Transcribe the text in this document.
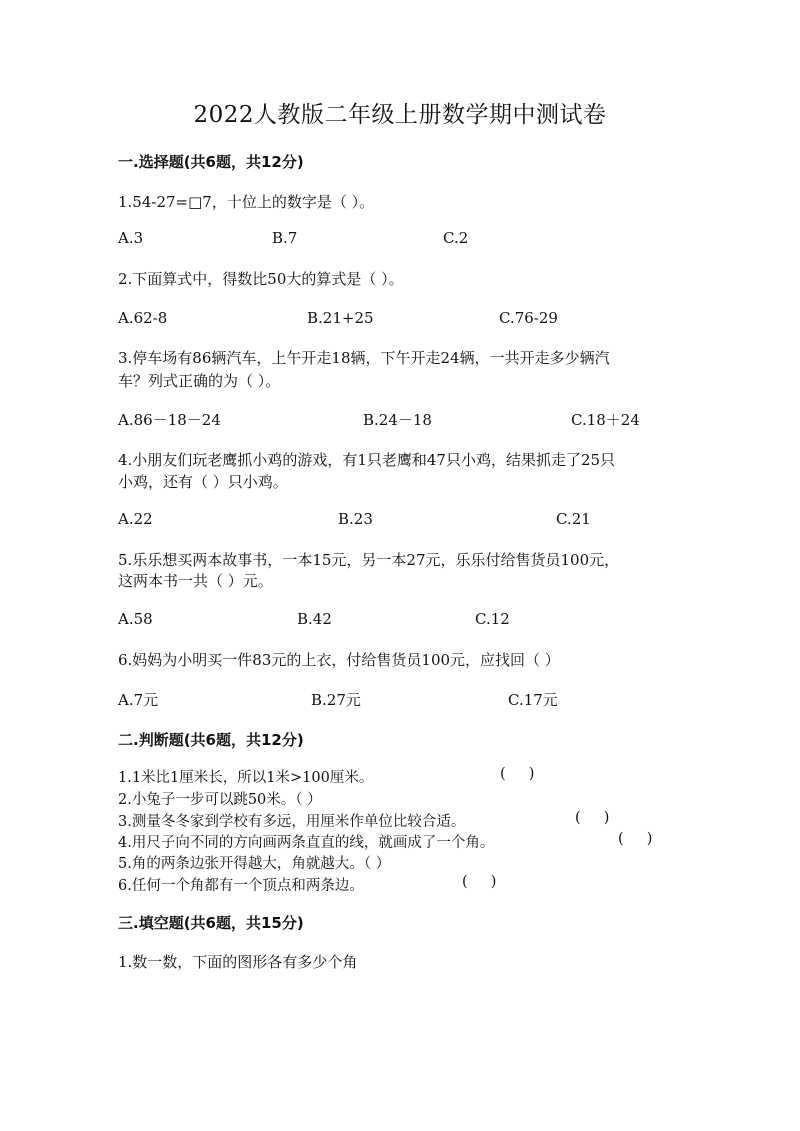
2022人教版二年级上册数学期中测试卷
一.选择题(共6题，共12分)
1.54-27=□7，十位上的数字是（ ）。
A.3	B.7	C.2
2.下面算式中，得数比50大的算式是（ ）。
A.62-8	B.21+25	C.76-29
3.停车场有86辆汽车，上午开走18辆，下午开走24辆，一共开走多少辆汽
车？列式正确的为（ ）。
A.86－18－24	B.24－18	C.18＋24
4.小朋友们玩老鹰抓小鸡的游戏，有1只老鹰和47只小鸡，结果抓走了25只
小鸡，还有（ ）只小鸡。
A.22	B.23	C.21
5.乐乐想买两本故事书，一本15元，另一本27元，乐乐付给售货员100元，
这两本书一共（ ）元。
A.58	B.42	C.12
6.妈妈为小明买一件83元的上衣，付给售货员100元，应找回（ ）
A.7元	B.27元	C.17元
二.判断题(共6题，共12分)
1.1米比1厘米长，所以1米>100厘米。	(     )
2.小兔子一步可以跳50米。（ ）
3.测量冬冬家到学校有多远，用厘米作单位比较合适。	(     )
4.用尺子向不同的方向画两条直直的线，就画成了一个角。	(     )
5.角的两条边张开得越大，角就越大。（ ）
6.任何一个角都有一个顶点和两条边。	(     )
三.填空题(共6题，共15分)
1.数一数，下面的图形各有多少个角
